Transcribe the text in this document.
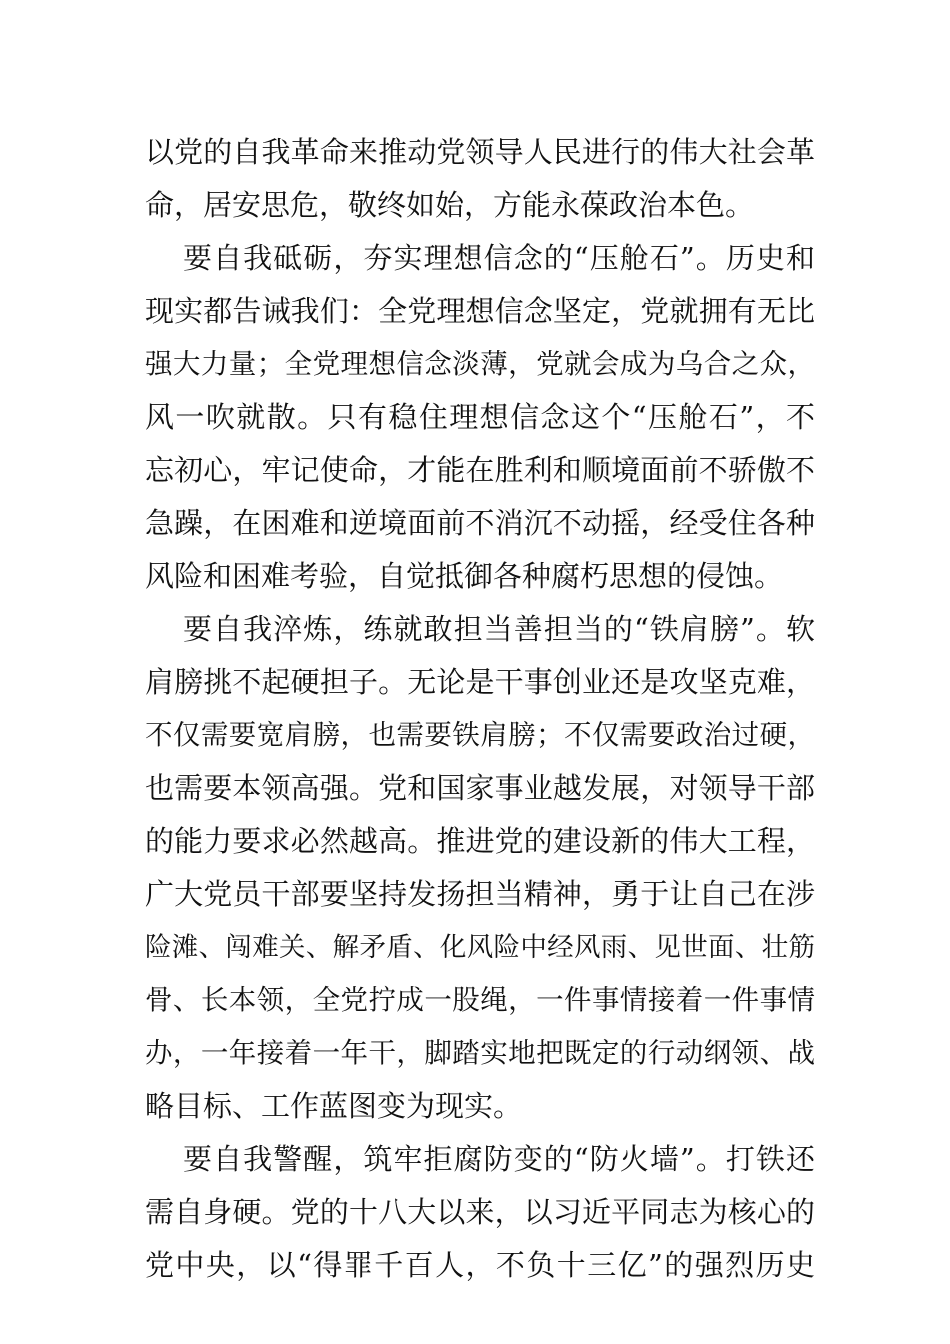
以党的自我革命来推动党领导人民进行的伟大社会革
命，居安思危，敬终如始，方能永葆政治本色。
要自我砥砺，夯实理想信念的“压舱石”。历史和
现实都告诫我们：全党理想信念坚定，党就拥有无比
强大力量；全党理想信念淡薄，党就会成为乌合之众，
风一吹就散。只有稳住理想信念这个“压舱石”，不
忘初心，牢记使命，才能在胜利和顺境面前不骄傲不
急躁，在困难和逆境面前不消沉不动摇，经受住各种
风险和困难考验，自觉抵御各种腐朽思想的侵蚀。
要自我淬炼，练就敢担当善担当的“铁肩膀”。软
肩膀挑不起硬担子。无论是干事创业还是攻坚克难，
不仅需要宽肩膀，也需要铁肩膀；不仅需要政治过硬，
也需要本领高强。党和国家事业越发展，对领导干部
的能力要求必然越高。推进党的建设新的伟大工程，
广大党员干部要坚持发扬担当精神，勇于让自己在涉
险滩、闯难关、解矛盾、化风险中经风雨、见世面、壮筋
骨、长本领，全党拧成一股绳，一件事情接着一件事情
办，一年接着一年干，脚踏实地把既定的行动纲领、战
略目标、工作蓝图变为现实。
要自我警醒，筑牢拒腐防变的“防火墙”。打铁还
需自身硬。党的十八大以来，以习近平同志为核心的
党中央，以“得罪千百人，不负十三亿”的强烈历史
